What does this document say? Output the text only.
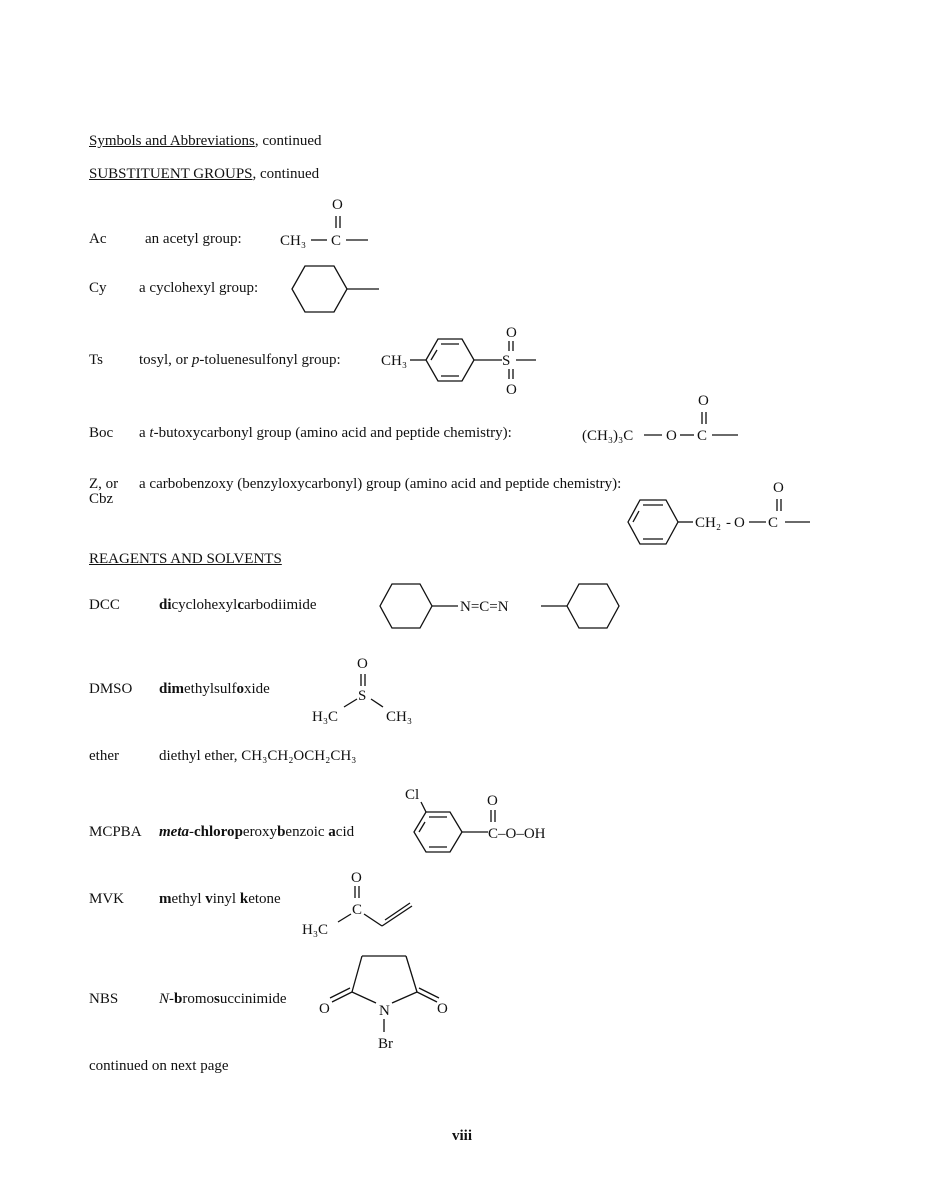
Symbols and Abbreviations, continued
SUBSTITUENT GROUPS, continued
Ac	an acetyl group:	CH₃ C
O
Cy a cyclohexyl group:
Ts tosyl, or p-toluenesulfonyl group:	CH₃	S
O
O
Boc a t-butoxycarbonyl group (amino acid and peptide chemistry):	(CH₃)₃C O C
O
Z, or
Cbz
a carbobenzoxy (benzyloxycarbonyl) group (amino acid and peptide chemistry):
CH₂ - O C
O
REAGENTS AND SOLVENTS
DCC	dicyclohexylcarbodiimide	N=C=N
DMSO dimethylsulfoxide
O
S
H₃C	CH₃
ether	diethyl ether, CH₃CH₂OCH₂CH₃
MCPBA meta-chloroperoxybenzoic acid
Cl
C–O–OH
O
MVK methyl vinyl ketone
O
C
H₃C
NBS	N-bromosuccinimide
O	O
N
Br
continued on next page
viii
